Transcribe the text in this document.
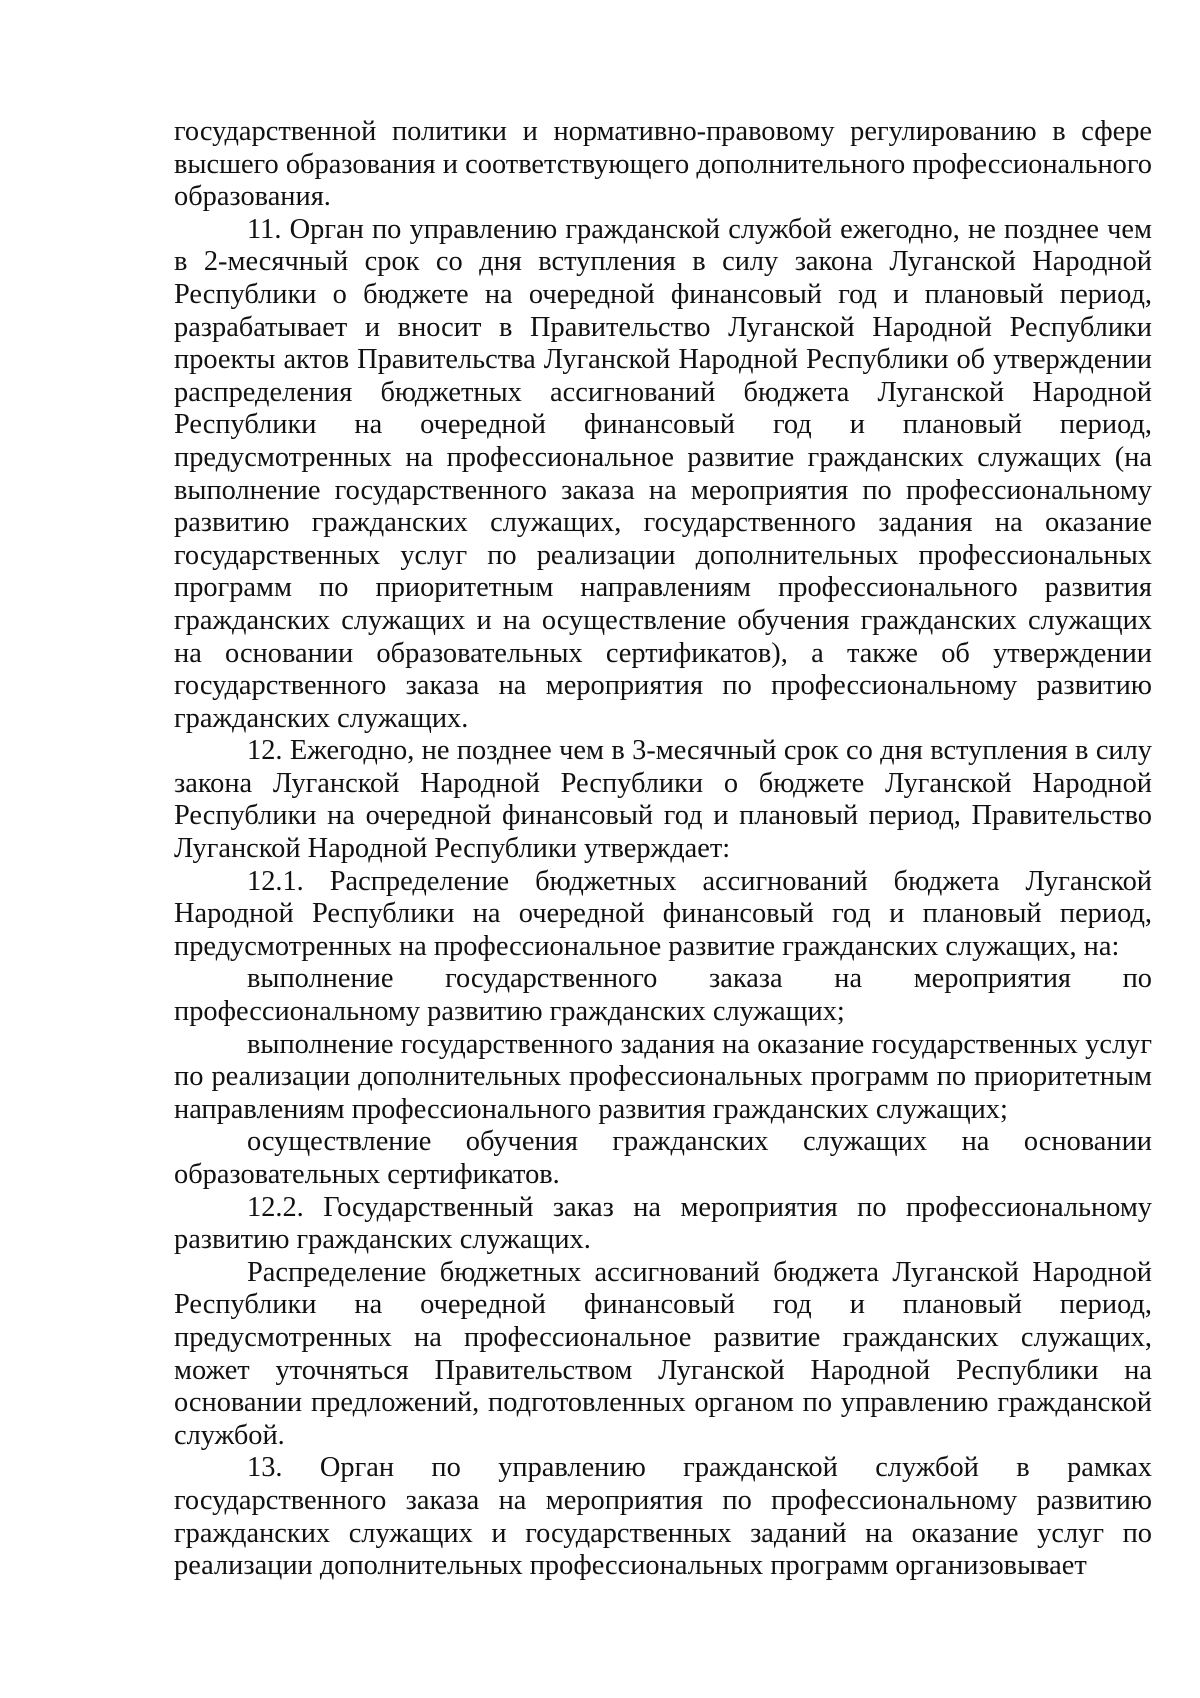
государственной политики и нормативно-правовому регулированию в сфере высшего образования и соответствующего дополнительного профессионального образования.

11. Орган по управлению гражданской службой ежегодно, не позднее чем в 2-месячный срок со дня вступления в силу закона Луганской Народной Республики о бюджете на очередной финансовый год и плановый период, разрабатывает и вносит в Правительство Луганской Народной Республики проекты актов Правительства Луганской Народной Республики об утверждении распределения бюджетных ассигнований бюджета Луганской Народной Республики на очередной финансовый год и плановый период, предусмотренных на профессиональное развитие гражданских служащих (на выполнение государственного заказа на мероприятия по профессиональному развитию гражданских служащих, государственного задания на оказание государственных услуг по реализации дополнительных профессиональных программ по приоритетным направлениям профессионального развития гражданских служащих и на осуществление обучения гражданских служащих на основании образовательных сертификатов), а также об утверждении государственного заказа на мероприятия по профессиональному развитию гражданских служащих.

12. Ежегодно, не позднее чем в 3-месячный срок со дня вступления в силу закона Луганской Народной Республики о бюджете Луганской Народной Республики на очередной финансовый год и плановый период, Правительство Луганской Народной Республики утверждает:

12.1. Распределение бюджетных ассигнований бюджета Луганской Народной Республики на очередной финансовый год и плановый период, предусмотренных на профессиональное развитие гражданских служащих, на:

выполнение государственного заказа на мероприятия по профессиональному развитию гражданских служащих;

выполнение государственного задания на оказание государственных услуг по реализации дополнительных профессиональных программ по приоритетным направлениям профессионального развития гражданских служащих;

осуществление обучения гражданских служащих на основании образовательных сертификатов.

12.2. Государственный заказ на мероприятия по профессиональному развитию гражданских служащих.

Распределение бюджетных ассигнований бюджета Луганской Народной Республики на очередной финансовый год и плановый период, предусмотренных на профессиональное развитие гражданских служащих, может уточняться Правительством Луганской Народной Республики на основании предложений, подготовленных органом по управлению гражданской службой.

13. Орган по управлению гражданской службой в рамках государственного заказа на мероприятия по профессиональному развитию гражданских служащих и государственных заданий на оказание услуг по реализации дополнительных профессиональных программ организовывает
